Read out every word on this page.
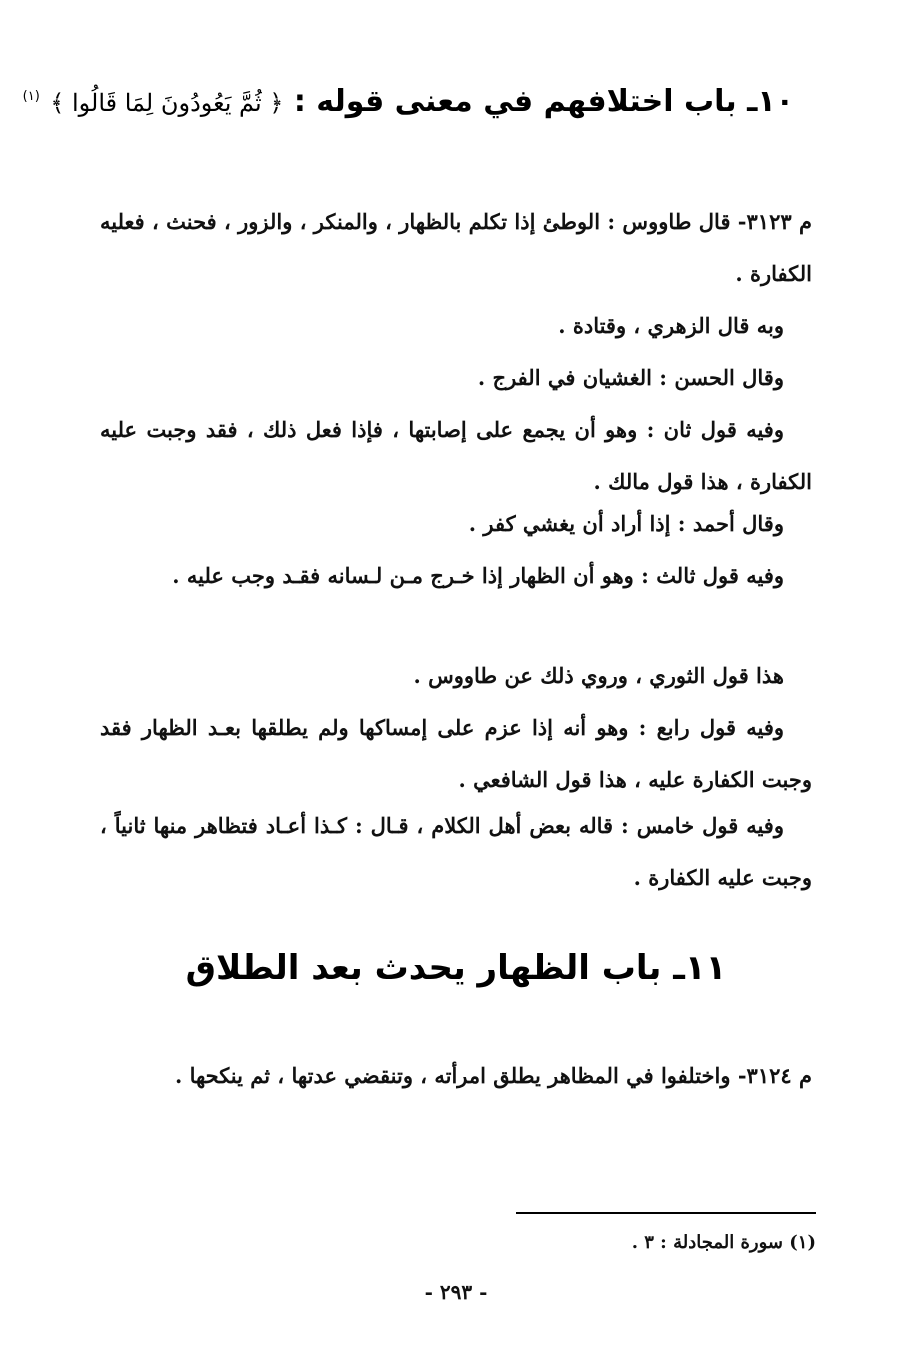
١٠ـ باب اختلافهم في معنى قوله : ﴿ ثُمَّ يَعُودُونَ لِمَا قَالُوا ﴾ $^{(١)}$
م ٣١٢٣- قال طاووس : الوطئ إذا تكلم بالظهار ، والمنكر ، والزور ، فحنث ، فعليه الكفارة .
وبه قال الزهري ، وقتادة .
وقال الحسن : الغشيان في الفرج .
وفيه قول ثان : وهو أن يجمع على إصابتها ، فإذا فعل ذلك ، فقد وجبت عليه الكفارة ، هذا قول مالك .
وقال أحمد : إذا أراد أن يغشي كفر .
وفيه قول ثالث : وهو أن الظهار إذا خـرج مـن لـسانه فقـد وجب عليه .
هذا قول الثوري ، وروي ذلك عن طاووس .
وفيه قول رابع : وهو أنه إذا عزم على إمساكها ولم يطلقها بعـد الظهار فقد وجبت الكفارة عليه ، هذا قول الشافعي .
وفيه قول خامس : قاله بعض أهل الكلام ، قـال : كـذا أعـاد فتظاهر منها ثانياً ، وجبت عليه الكفارة .
١١ـ باب الظهار يحدث بعد الطلاق
م ٣١٢٤- واختلفوا في المظاهر يطلق امرأته ، وتنقضي عدتها ، ثم ينكحها .
(١) سورة المجادلة : ٣ .
- ٢٩٣ -
